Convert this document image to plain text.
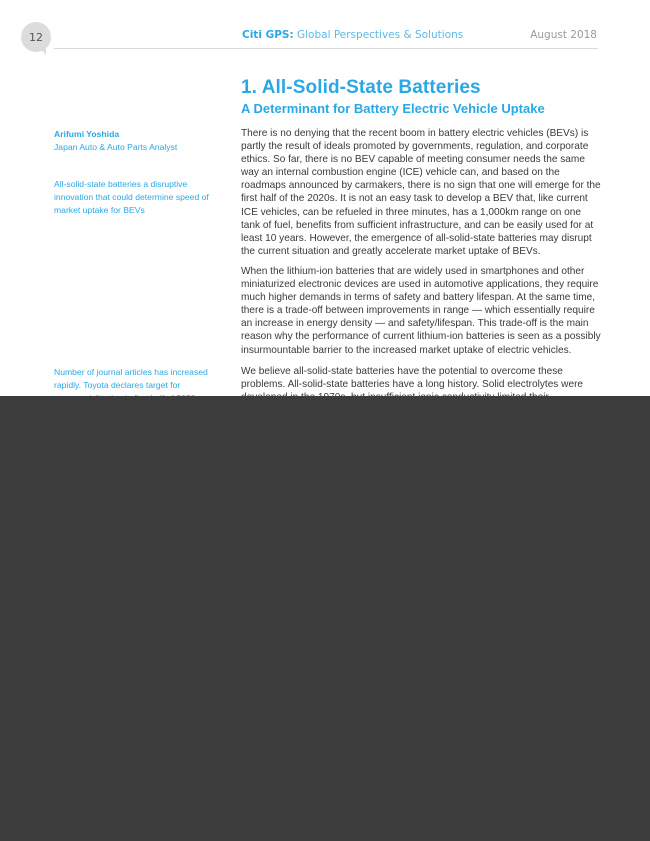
12	Citi GPS: Global Perspectives & Solutions	August 2018
1. All-Solid-State Batteries
A Determinant for Battery Electric Vehicle Uptake
Arifumi Yoshida
Japan Auto & Auto Parts Analyst
All-solid-state batteries a disruptive innovation that could determine speed of market uptake for BEVs
Number of journal articles has increased rapidly. Toyota declares target for

There is no denying that the recent boom in battery electric vehicles (BEVs) is partly the result of ideals promoted by governments, regulation, and corporate ethics. So far, there is no BEV capable of meeting consumer needs the same way an internal combustion engine (ICE) vehicle can, and based on the roadmaps announced by carmakers, there is no sign that one will emerge for the first half of the 2020s. It is not an easy task to develop a BEV that, like current ICE vehicles, can be refueled in three minutes, has a 1,000km range on one tank of fuel, benefits from sufficient infrastructure, and can be easily used for at least 10 years. However, the emergence of all-solid-state batteries may disrupt the current situation and greatly accelerate market uptake of BEVs.

When the lithium-ion batteries that are widely used in smartphones and other miniaturized electronic devices are used in automotive applications, they require much higher demands in terms of safety and battery lifespan. At the same time, there is a trade-off between improvements in range — which essentially require an increase in energy density — and safety/lifespan. This trade-off is the main reason why the performance of current lithium-ion batteries is seen as a possibly insurmountable barrier to the increased market uptake of electric vehicles.

We believe all-solid-state batteries have the potential to overcome these problems. All-solid-state batteries have a long history. Solid electrolytes were
